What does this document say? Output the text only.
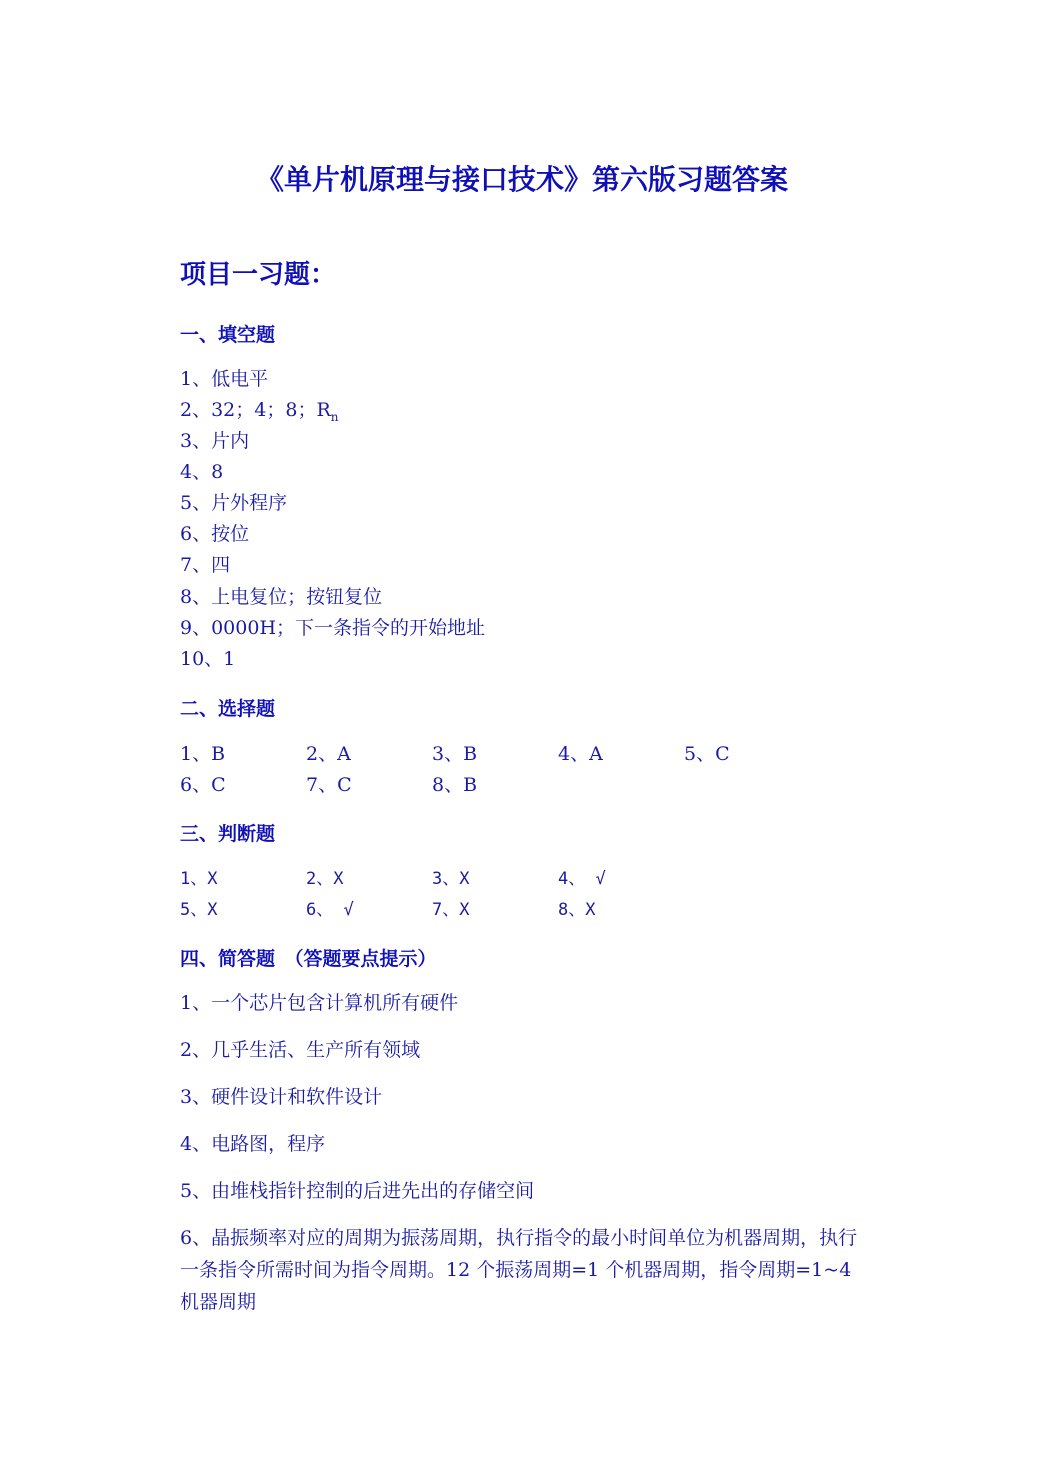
《单片机原理与接口技术》第六版习题答案
项目一习题：
一、填空题
1、低电平
2、32；4；8；$R_n$
3、片内
4、8
5、片外程序
6、按位
7、四
8、上电复位；按钮复位
9、0000H；下一条指令的开始地址
10、1
二、选择题
1、B	2、A	3、B	4、A	5、C
6、C	7、C	8、B
三、判断题
1、X	2、X	3、X	4、 √
5、X	6、 √	7、X	8、X
四、简答题　（答题要点提示）
1、一个芯片包含计算机所有硬件
2、几乎生活、生产所有领域
3、硬件设计和软件设计
4、电路图，程序
5、由堆栈指针控制的后进先出的存储空间
6、晶振频率对应的周期为振荡周期，执行指令的最小时间单位为机器周期，执行一条指令所需时间为指令周期。12 个振荡周期=1 个机器周期，指令周期=1~4 机器周期
